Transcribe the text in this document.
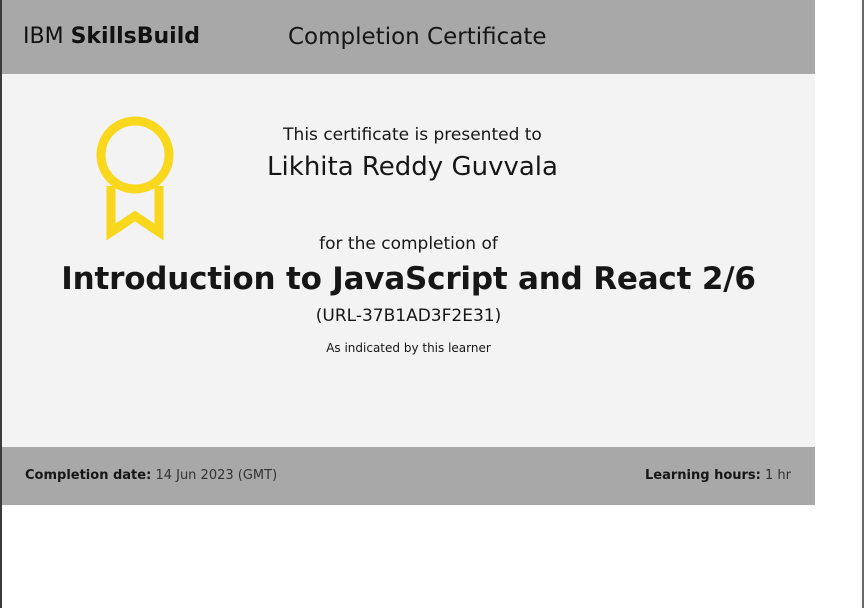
IBM SkillsBuild	Completion Certificate
This certificate is presented to
Likhita Reddy Guvvala
for the completion of
Introduction to JavaScript and React 2/6
(URL-37B1AD3F2E31)
As indicated by this learner
Completion date: 14 Jun 2023 (GMT)	Learning hours: 1 hr
